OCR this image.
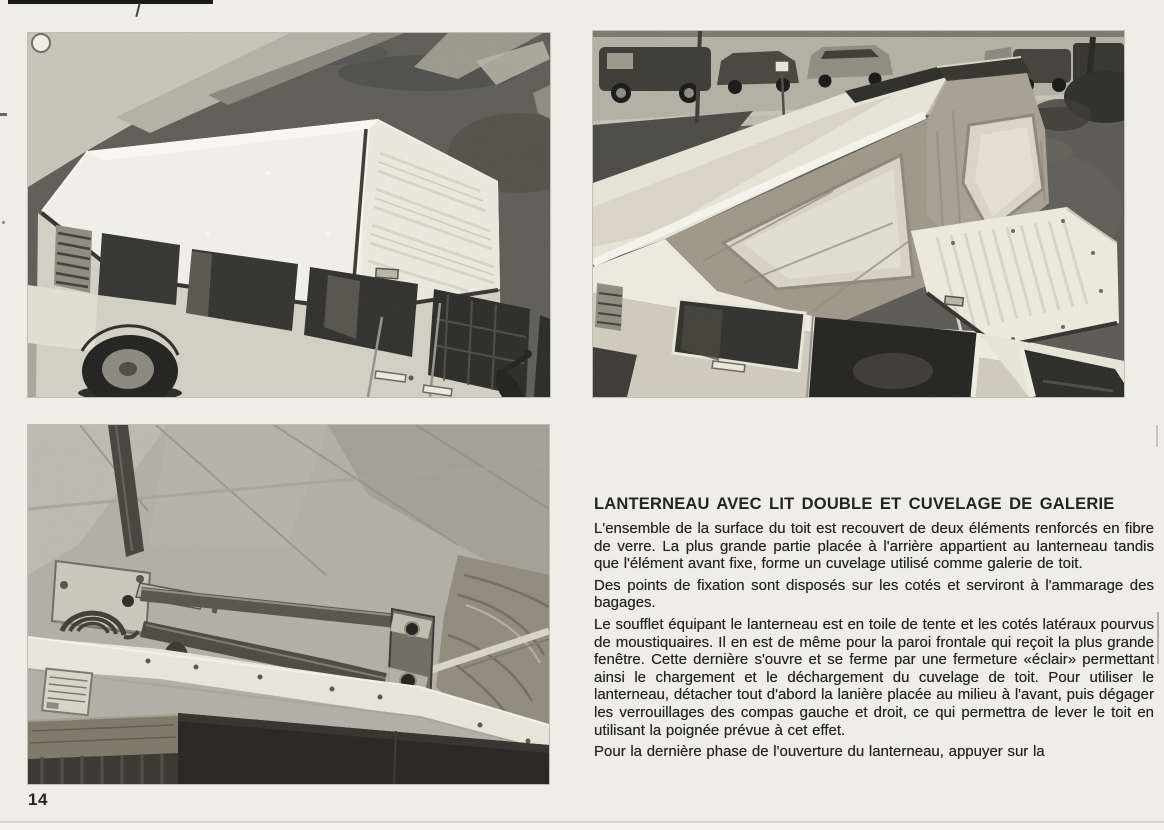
LANTERNEAU AVEC LIT DOUBLE ET CUVELAGE DE GALERIE

L'ensemble de la surface du toit est recouvert de deux éléments renforcés en fibre de verre. La plus grande partie placée à l'arrière appartient au lanterneau tandis que l'élément avant fixe, forme un cuvelage utilisé comme galerie de toit.

Des points de fixation sont disposés sur les cotés et serviront à l'ammarage des bagages.

Le soufflet équipant le lanterneau est en toile de tente et les cotés latéraux pourvus de moustiquaires. Il en est de même pour la paroi frontale qui reçoit la plus grande fenêtre. Cette dernière s'ouvre et se ferme par une fermeture «éclair» permettant ainsi le chargement et le déchargement du cuvelage de toit. Pour utiliser le lanterneau, détacher tout d'abord la lanière placée au milieu à l'avant, puis dégager les verrouillages des compas gauche et droit, ce qui permettra de lever le toit en utilisant la poignée prévue à cet effet.

Pour la dernière phase de l'ouverture du lanterneau, appuyer sur la

14
